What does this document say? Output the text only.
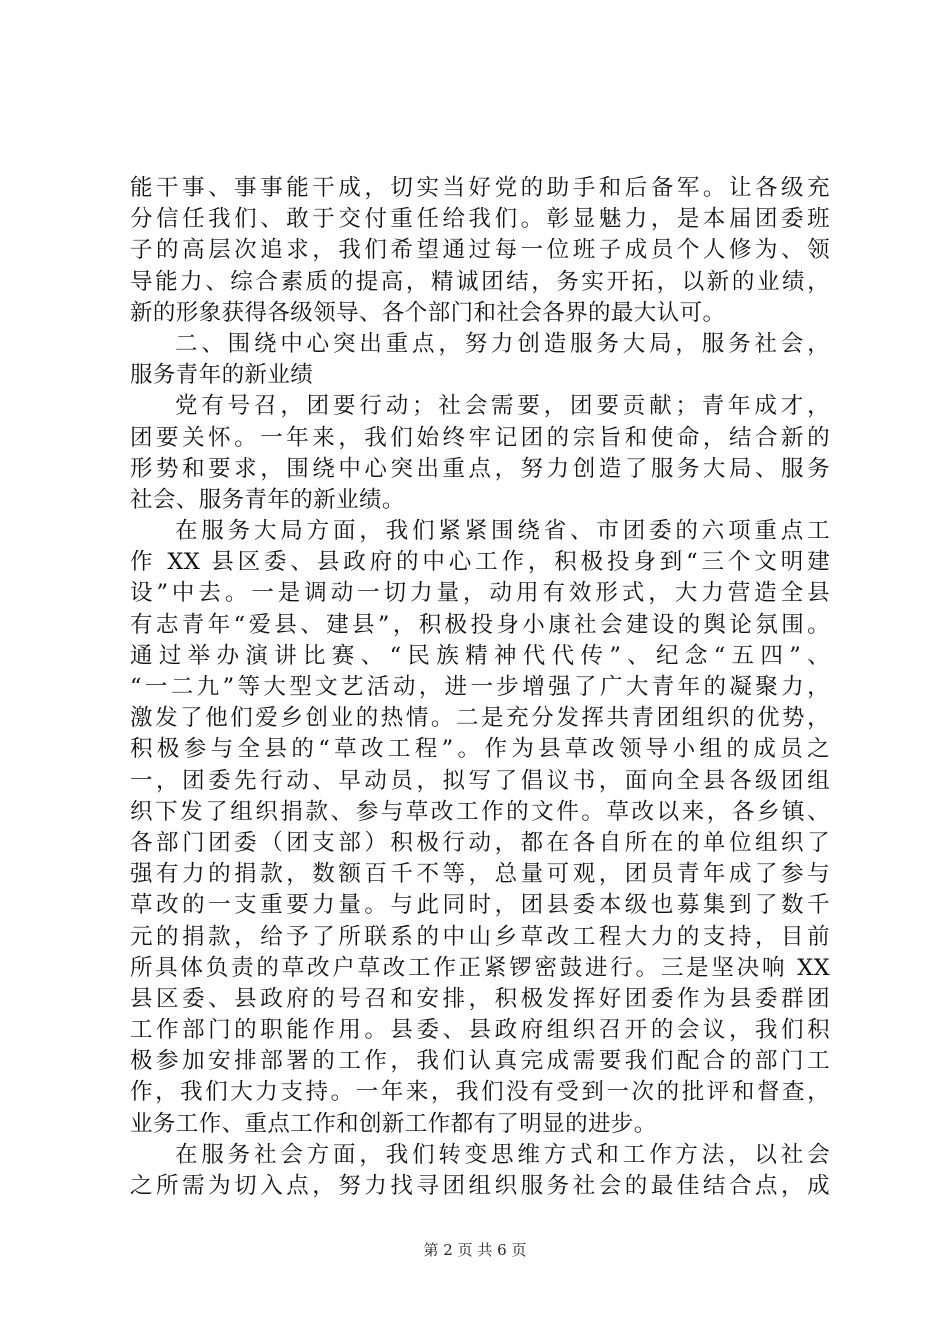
能干事、事事能干成，切实当好党的助手和后备军。让各级充
分信任我们、敢于交付重任给我们。彰显魅力，是本届团委班
子的高层次追求，我们希望通过每一位班子成员个人修为、领
导能力、综合素质的提高，精诚团结，务实开拓，以新的业绩，
新的形象获得各级领导、各个部门和社会各界的最大认可。
二、围绕中心突出重点，努力创造服务大局，服务社会，
服务青年的新业绩
党有号召，团要行动；社会需要，团要贡献；青年成才，
团要关怀。一年来，我们始终牢记团的宗旨和使命，结合新的
形势和要求，围绕中心突出重点，努力创造了服务大局、服务
社会、服务青年的新业绩。
在服务大局方面，我们紧紧围绕省、市团委的六项重点工
作 XX 县区委、县政府的中心工作，积极投身到“三个文明建
设”中去。一是调动一切力量，动用有效形式，大力营造全县
有志青年“爱县、建县”，积极投身小康社会建设的舆论氛围。
通过举办演讲比赛、“民族精神代代传”、纪念“五四”、
“一二九”等大型文艺活动，进一步增强了广大青年的凝聚力，
激发了他们爱乡创业的热情。二是充分发挥共青团组织的优势，
积极参与全县的“草改工程”。作为县草改领导小组的成员之
一，团委先行动、早动员，拟写了倡议书，面向全县各级团组
织下发了组织捐款、参与草改工作的文件。草改以来，各乡镇、
各部门团委（团支部）积极行动，都在各自所在的单位组织了
强有力的捐款，数额百千不等，总量可观，团员青年成了参与
草改的一支重要力量。与此同时，团县委本级也募集到了数千
元的捐款，给予了所联系的中山乡草改工程大力的支持，目前
所具体负责的草改户草改工作正紧锣密鼓进行。三是坚决响 XX
县区委、县政府的号召和安排，积极发挥好团委作为县委群团
工作部门的职能作用。县委、县政府组织召开的会议，我们积
极参加安排部署的工作，我们认真完成需要我们配合的部门工
作，我们大力支持。一年来，我们没有受到一次的批评和督查，
业务工作、重点工作和创新工作都有了明显的进步。
在服务社会方面，我们转变思维方式和工作方法，以社会
之所需为切入点，努力找寻团组织服务社会的最佳结合点，成
第 2 页 共 6 页
